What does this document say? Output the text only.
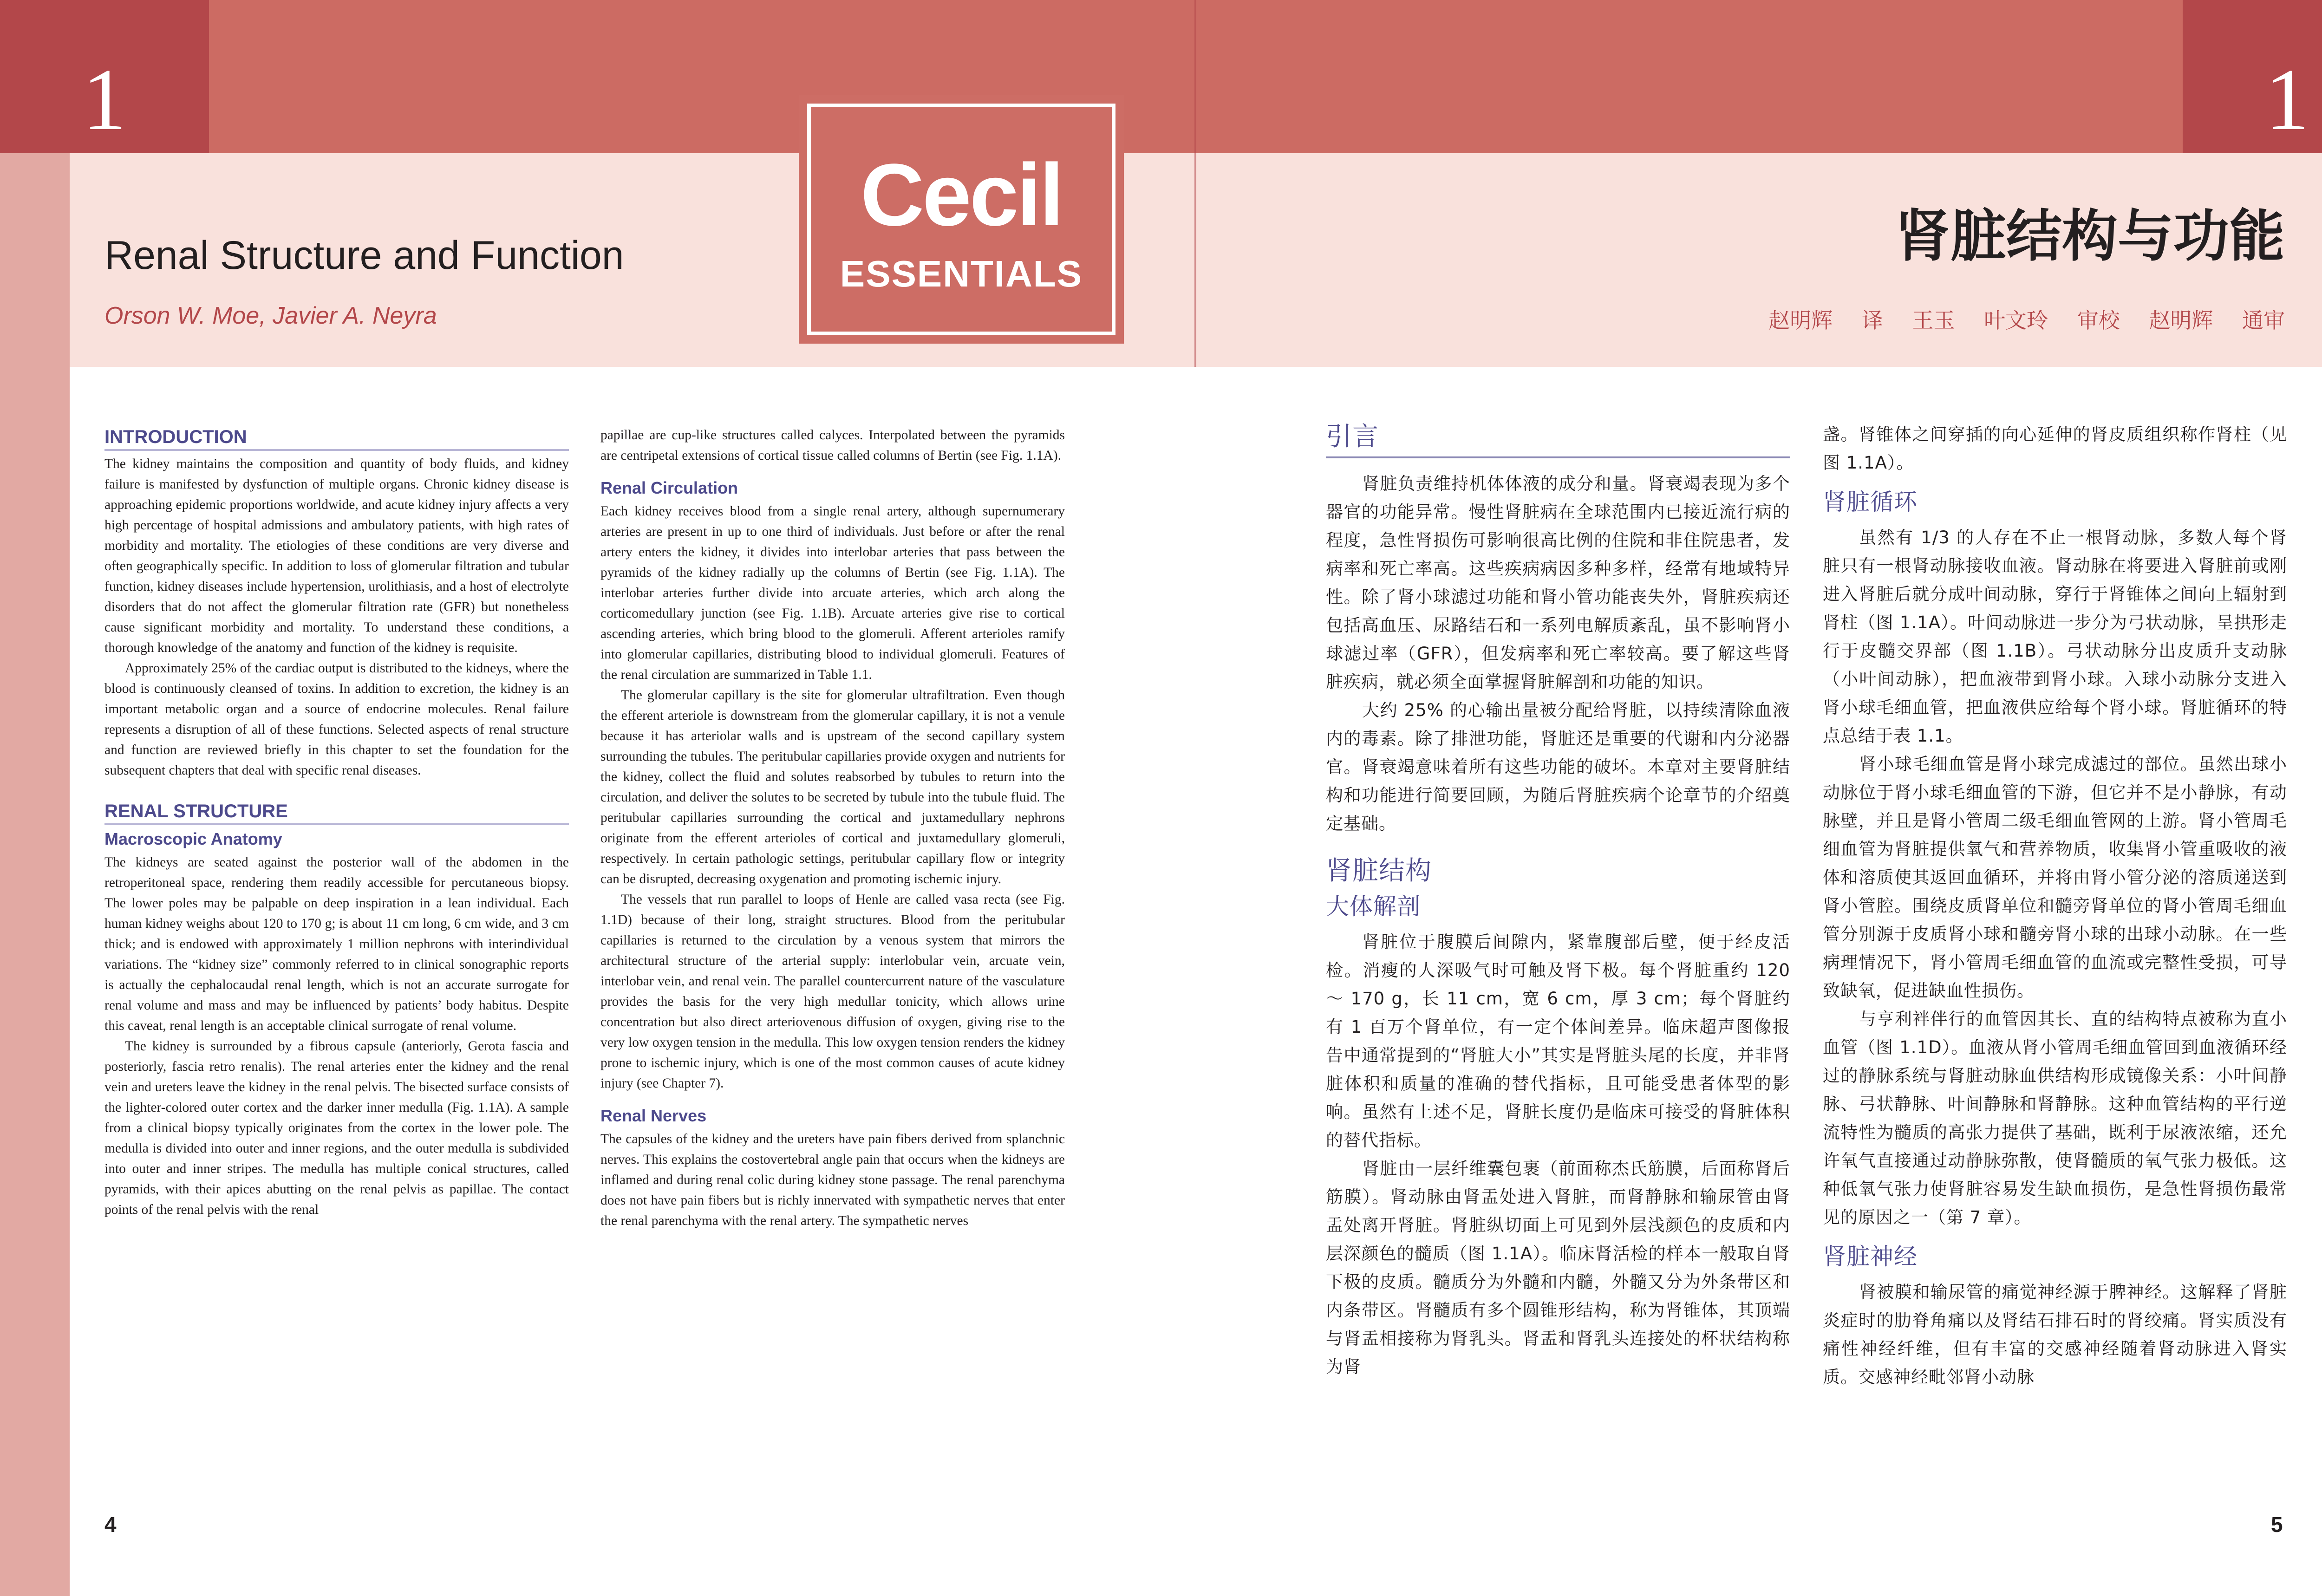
1	1
Cecil
ESSENTIALS
Renal Structure and Function
Orson W. Moe, Javier A. Neyra
肾脏结构与功能
赵明辉 译 王玉 叶文玲 审校 赵明辉 通审
INTRODUCTION

The kidney maintains the composition and quantity of body fluids, and kidney failure is manifested by dysfunction of multiple organs. Chronic kidney disease is approaching epidemic proportions worldwide, and acute kidney injury affects a very high percentage of hospital admissions and ambulatory patients, with high rates of morbidity and mortality. The etiologies of these conditions are very diverse and often geographically specific. In addition to loss of glomerular filtration and tubular function, kidney diseases include hypertension, urolithiasis, and a host of electrolyte disorders that do not affect the glomerular filtration rate (GFR) but nonetheless cause significant morbidity and mortality. To understand these conditions, a thorough knowledge of the anatomy and function of the kidney is requisite.

Approximately 25% of the cardiac output is distributed to the kidneys, where the blood is continuously cleansed of toxins. In addition to excretion, the kidney is an important metabolic organ and a source of endocrine molecules. Renal failure represents a disruption of all of these functions. Selected aspects of renal structure and function are reviewed briefly in this chapter to set the foundation for the subsequent chapters that deal with specific renal diseases.

RENAL STRUCTURE
Macroscopic Anatomy

The kidneys are seated against the posterior wall of the abdomen in the retroperitoneal space, rendering them readily accessible for percutaneous biopsy. The lower poles may be palpable on deep inspiration in a lean individual. Each human kidney weighs about 120 to 170 g; is about 11 cm long, 6 cm wide, and 3 cm thick; and is endowed with approximately 1 million nephrons with interindividual variations. The “kidney size” commonly referred to in clinical sonographic reports is actually the cephalocaudal renal length, which is not an accurate surrogate for renal volume and mass and may be influenced by patients’ body habitus. Despite this caveat, renal length is an acceptable clinical surrogate of renal volume.

The kidney is surrounded by a fibrous capsule (anteriorly, Gerota fascia and posteriorly, fascia retro renalis). The renal arteries enter the kidney and the renal vein and ureters leave the kidney in the renal pelvis. The bisected surface consists of the lighter-colored outer cortex and the darker inner medulla (Fig. 1.1A). A sample from a clinical biopsy typically originates from the cortex in the lower pole. The medulla is divided into outer and inner regions, and the outer medulla is subdivided into outer and inner stripes. The medulla has multiple conical structures, called pyramids, with their apices abutting on the renal pelvis as papillae. The contact points of the renal pelvis with the renal

papillae are cup-like structures called calyces. Interpolated between the pyramids are centripetal extensions of cortical tissue called columns of Bertin (see Fig. 1.1A).

Renal Circulation

Each kidney receives blood from a single renal artery, although supernumerary arteries are present in up to one third of individuals. Just before or after the renal artery enters the kidney, it divides into interlobar arteries that pass between the pyramids of the kidney radially up the columns of Bertin (see Fig. 1.1A). The interlobar arteries further divide into arcuate arteries, which arch along the corticomedullary junction (see Fig. 1.1B). Arcuate arteries give rise to cortical ascending arteries, which bring blood to the glomeruli. Afferent arterioles ramify into glomerular capillaries, distributing blood to individual glomeruli. Features of the renal circulation are summarized in Table 1.1.

The glomerular capillary is the site for glomerular ultrafiltration. Even though the efferent arteriole is downstream from the glomerular capillary, it is not a venule because it has arteriolar walls and is upstream of the second capillary system surrounding the tubules. The peritubular capillaries provide oxygen and nutrients for the kidney, collect the fluid and solutes reabsorbed by tubules to return into the circulation, and deliver the solutes to be secreted by tubule into the tubule fluid. The peritubular capillaries surrounding the cortical and juxtamedullary nephrons originate from the efferent arterioles of cortical and juxtamedullary glomeruli, respectively. In certain pathologic settings, peritubular capillary flow or integrity can be disrupted, decreasing oxygenation and promoting ischemic injury.

The vessels that run parallel to loops of Henle are called vasa recta (see Fig. 1.1D) because of their long, straight structures. Blood from the peritubular capillaries is returned to the circulation by a venous system that mirrors the architectural structure of the arterial supply: interlobular vein, arcuate vein, interlobar vein, and renal vein. The parallel countercurrent nature of the vasculature provides the basis for the very high medullar tonicity, which allows urine concentration but also direct arteriovenous diffusion of oxygen, giving rise to the very low oxygen tension in the medulla. This low oxygen tension renders the kidney prone to ischemic injury, which is one of the most common causes of acute kidney injury (see Chapter 7).

Renal Nerves

The capsules of the kidney and the ureters have pain fibers derived from splanchnic nerves. This explains the costovertebral angle pain that occurs when the kidneys are inflamed and during renal colic during kidney stone passage. The renal parenchyma does not have pain fibers but is richly innervated with sympathetic nerves that enter the renal parenchyma with the renal artery. The sympathetic nerves

引言

肾脏负责维持机体体液的成分和量。肾衰竭表现为多个器官的功能异常。慢性肾脏病在全球范围内已接近流行病的程度，急性肾损伤可影响很高比例的住院和非住院患者，发病率和死亡率高。这些疾病病因多种多样，经常有地域特异性。除了肾小球滤过功能和肾小管功能丧失外，肾脏疾病还包括高血压、尿路结石和一系列电解质紊乱，虽不影响肾小球滤过率（GFR），但发病率和死亡率较高。要了解这些肾脏疾病，就必须全面掌握肾脏解剖和功能的知识。

大约 25% 的心输出量被分配给肾脏，以持续清除血液内的毒素。除了排泄功能，肾脏还是重要的代谢和内分泌器官。肾衰竭意味着所有这些功能的破坏。本章对主要肾脏结构和功能进行简要回顾，为随后肾脏疾病个论章节的介绍奠定基础。

肾脏结构
大体解剖

肾脏位于腹膜后间隙内，紧靠腹部后壁，便于经皮活检。消瘦的人深吸气时可触及肾下极。每个肾脏重约 120 ～ 170 g，长 11 cm，宽 6 cm，厚 3 cm；每个肾脏约有 1 百万个肾单位，有一定个体间差异。临床超声图像报告中通常提到的“肾脏大小”其实是肾脏头尾的长度，并非肾脏体积和质量的准确的替代指标，且可能受患者体型的影响。虽然有上述不足，肾脏长度仍是临床可接受的肾脏体积的替代指标。

肾脏由一层纤维囊包裹（前面称杰氏筋膜，后面称肾后筋膜）。肾动脉由肾盂处进入肾脏，而肾静脉和输尿管由肾盂处离开肾脏。肾脏纵切面上可见到外层浅颜色的皮质和内层深颜色的髓质（图 1.1A）。临床肾活检的样本一般取自肾下极的皮质。髓质分为外髓和内髓，外髓又分为外条带区和内条带区。肾髓质有多个圆锥形结构，称为肾锥体，其顶端与肾盂相接称为肾乳头。肾盂和肾乳头连接处的杯状结构称为肾

盏。肾锥体之间穿插的向心延伸的肾皮质组织称作肾柱（见图 1.1A）。

肾脏循环

虽然有 1/3 的人存在不止一根肾动脉，多数人每个肾脏只有一根肾动脉接收血液。肾动脉在将要进入肾脏前或刚进入肾脏后就分成叶间动脉，穿行于肾锥体之间向上辐射到肾柱（图 1.1A）。叶间动脉进一步分为弓状动脉，呈拱形走行于皮髓交界部（图 1.1B）。弓状动脉分出皮质升支动脉（小叶间动脉），把血液带到肾小球。入球小动脉分支进入肾小球毛细血管，把血液供应给每个肾小球。肾脏循环的特点总结于表 1.1。

肾小球毛细血管是肾小球完成滤过的部位。虽然出球小动脉位于肾小球毛细血管的下游，但它并不是小静脉，有动脉壁，并且是肾小管周二级毛细血管网的上游。肾小管周毛细血管为肾脏提供氧气和营养物质，收集肾小管重吸收的液体和溶质使其返回血循环，并将由肾小管分泌的溶质递送到肾小管腔。围绕皮质肾单位和髓旁肾单位的肾小管周毛细血管分别源于皮质肾小球和髓旁肾小球的出球小动脉。在一些病理情况下，肾小管周毛细血管的血流或完整性受损，可导致缺氧，促进缺血性损伤。

与亨利袢伴行的血管因其长、直的结构特点被称为直小血管（图 1.1D）。血液从肾小管周毛细血管回到血液循环经过的静脉系统与肾脏动脉血供结构形成镜像关系：小叶间静脉、弓状静脉、叶间静脉和肾静脉。这种血管结构的平行逆流特性为髓质的高张力提供了基础，既利于尿液浓缩，还允许氧气直接通过动静脉弥散，使肾髓质的氧气张力极低。这种低氧气张力使肾脏容易发生缺血损伤，是急性肾损伤最常见的原因之一（第 7 章）。

肾脏神经

肾被膜和输尿管的痛觉神经源于脾神经。这解释了肾脏炎症时的肋脊角痛以及肾结石排石时的肾绞痛。肾实质没有痛性神经纤维，但有丰富的交感神经随着肾动脉进入肾实质。交感神经毗邻肾小动脉

4	5
